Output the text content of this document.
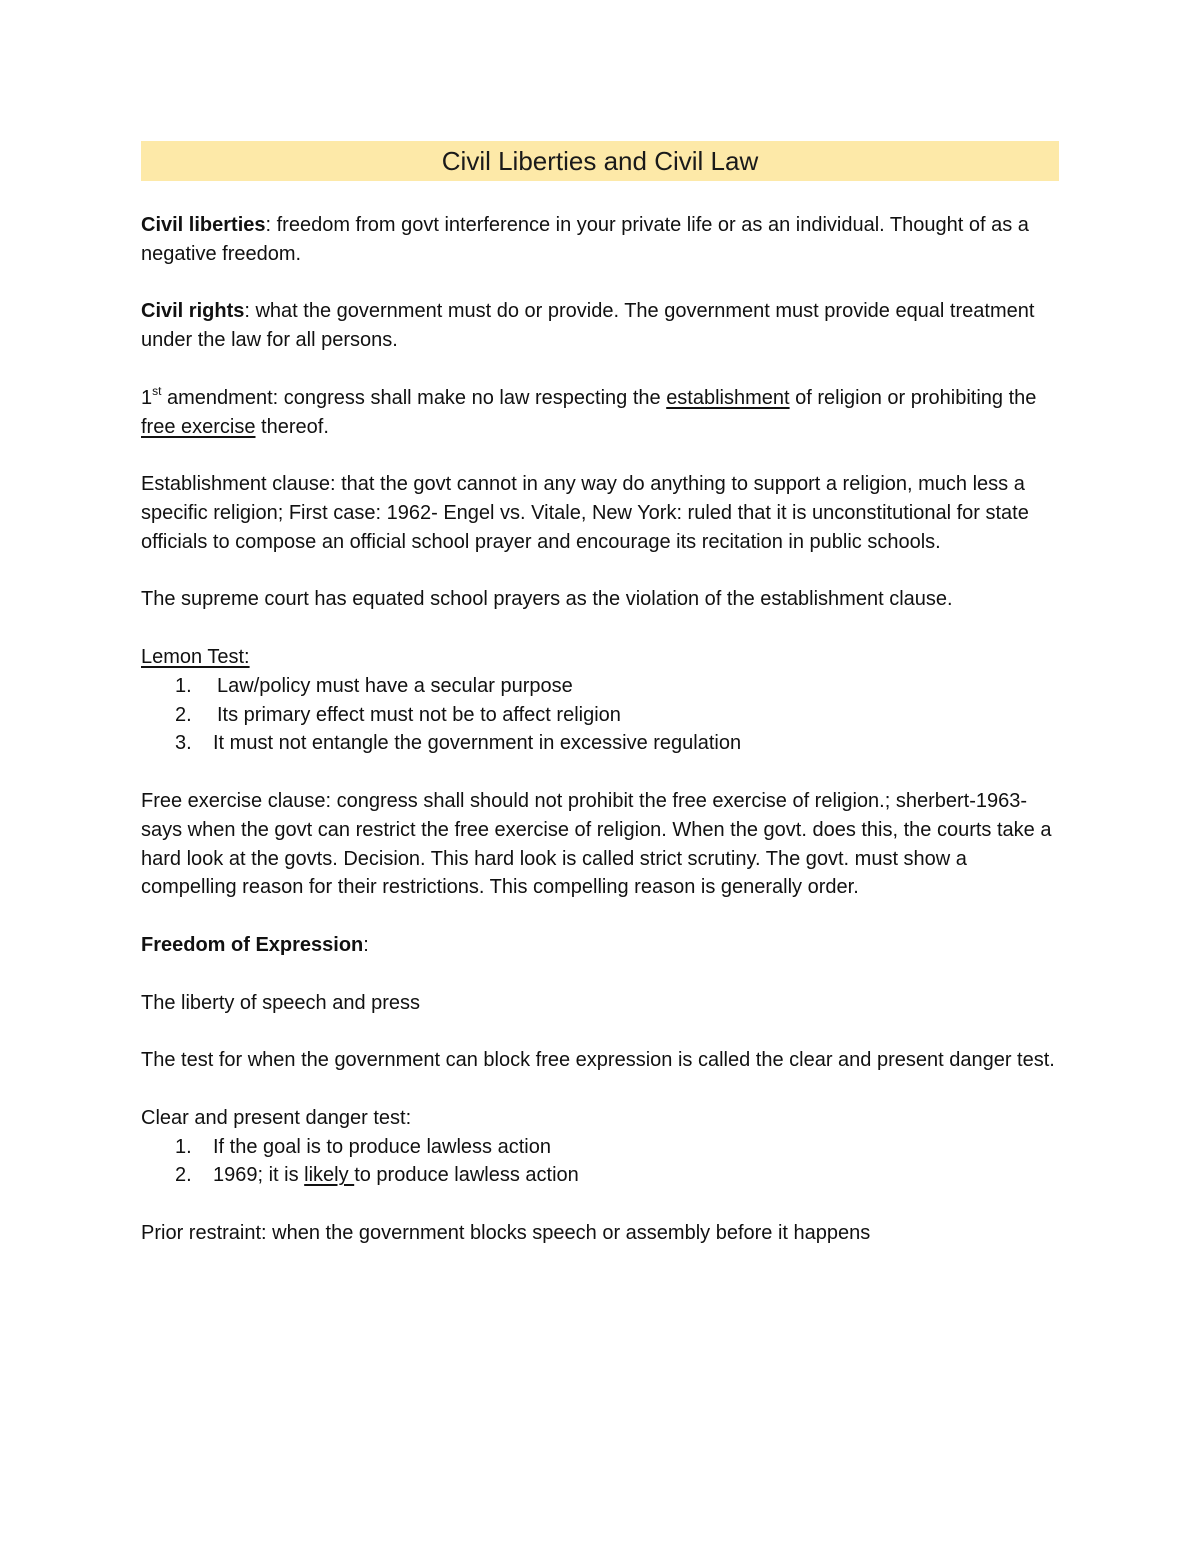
Civil Liberties and Civil Law

Civil liberties: freedom from govt interference in your private life or as an individual. Thought of as a negative freedom.

Civil rights: what the government must do or provide. The government must provide equal treatment under the law for all persons.

1st amendment: congress shall make no law respecting the establishment of religion or prohibiting the free exercise thereof.

Establishment clause: that the govt cannot in any way do anything to support a religion, much less a specific religion; First case: 1962- Engel vs. Vitale, New York: ruled that it is unconstitutional for state officials to compose an official school prayer and encourage its recitation in public schools.

The supreme court has equated school prayers as the violation of the establishment clause.

Lemon Test:

1.	Law/policy must have a secular purpose
2.	Its primary effect must not be to affect religion
3.	It must not entangle the government in excessive regulation

Free exercise clause: congress shall should not prohibit the free exercise of religion.; sherbert-1963-says when the govt can restrict the free exercise of religion. When the govt. does this, the courts take a hard look at the govts. Decision. This hard look is called strict scrutiny. The govt. must show a compelling reason for their restrictions. This compelling reason is generally order.

Freedom of Expression:

The liberty of speech and press

The test for when the government can block free expression is called the clear and present danger test.

Clear and present danger test:

1.	If the goal is to produce lawless action
2.	1969; it is likely to produce lawless action

Prior restraint: when the government blocks speech or assembly before it happens
